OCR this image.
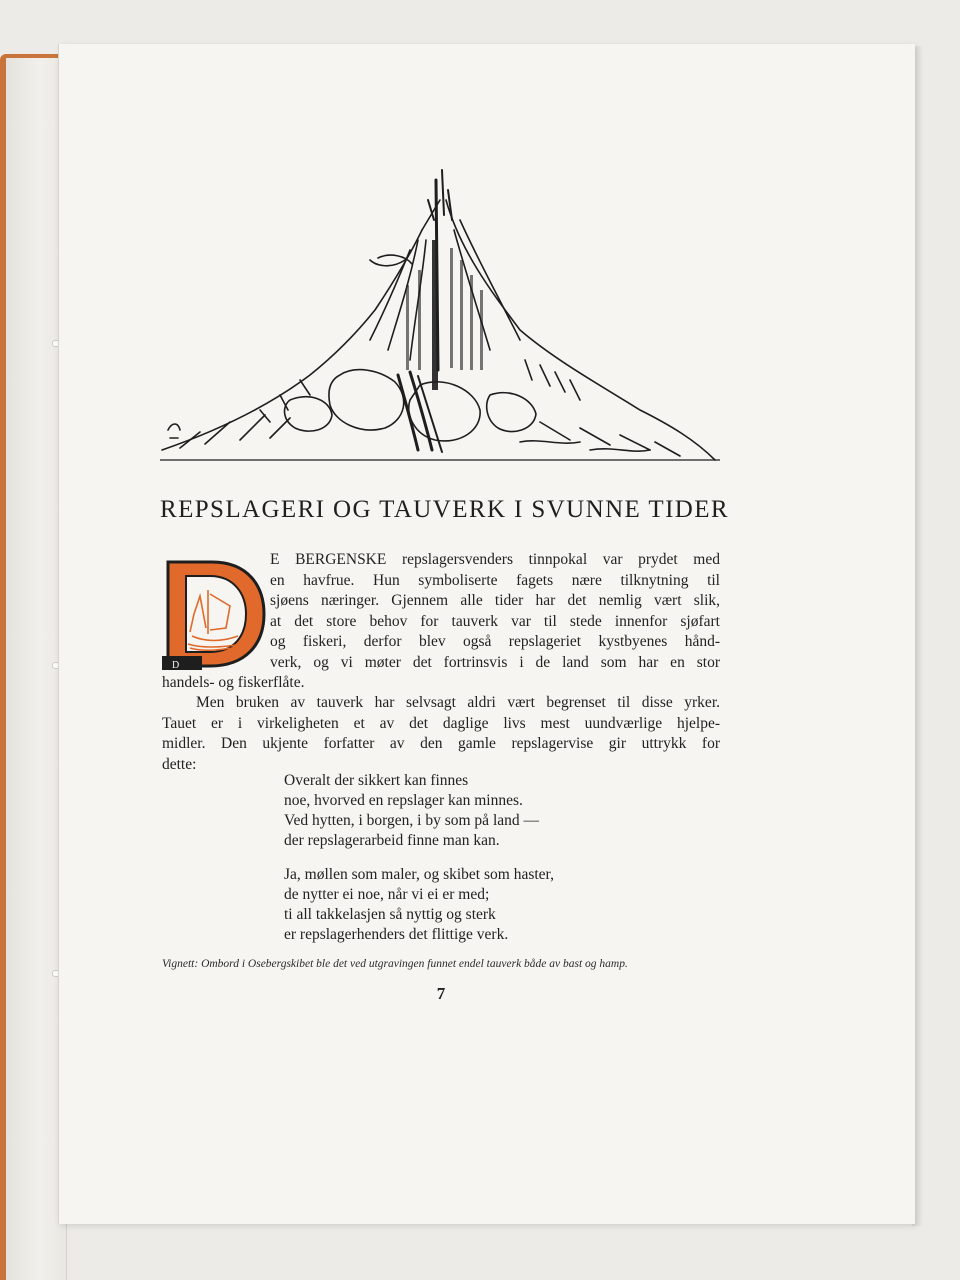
REPSLAGERI OG TAUVERK I SVUNNE TIDER
D
E BERGENSKE repslagersvenders tinnpokal var prydet med
en havfrue. Hun symboliserte fagets nære tilknytning til
sjøens næringer. Gjennem alle tider har det nemlig vært slik,
at det store behov for tauverk var til stede innenfor sjøfart
og fiskeri, derfor blev også repslageriet kystbyenes hånd-
verk, og vi møter det fortrinsvis i de land som har en stor
handels- og fiskerflåte.
Men bruken av tauverk har selvsagt aldri vært begrenset til disse yrker.
Tauet er i virkeligheten et av det daglige livs mest uundværlige hjelpe-
midler. Den ukjente forfatter av den gamle repslagervise gir uttrykk for
dette:
Overalt der sikkert kan finnes
noe, hvorved en repslager kan minnes.
Ved hytten, i borgen, i by som på land —
der repslagerarbeid finne man kan.
Ja, møllen som maler, og skibet som haster,
de nytter ei noe, når vi ei er med;
ti all takkelasjen så nyttig og sterk
er repslagerhenders det flittige verk.
Vignett: Ombord i Osebergskibet ble det ved utgravingen funnet endel tauverk både av bast og hamp.
7
